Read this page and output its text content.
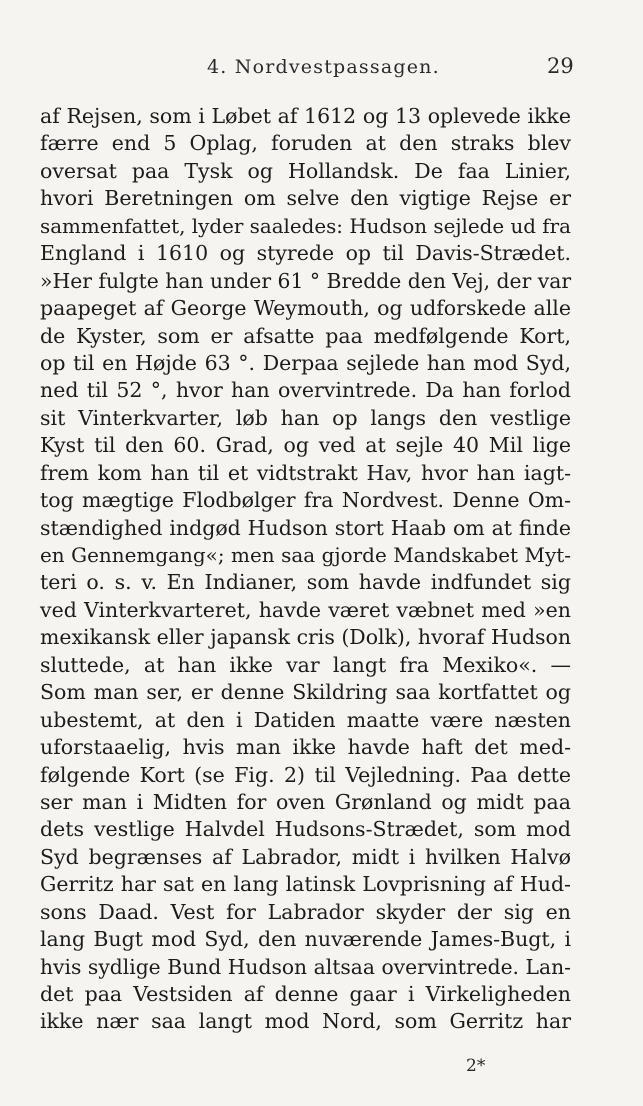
4. Nordvestpassagen.	29
af Rejsen, som i Løbet af 1612 og 13 oplevede ikke
færre end 5 Oplag, foruden at den straks blev
oversat paa Tysk og Hollandsk. De faa Linier,
hvori Beretningen om selve den vigtige Rejse er
sammenfattet, lyder saaledes: Hudson sejlede ud fra
England i 1610 og styrede op til Davis-Strædet.
»Her fulgte han under 61 ° Bredde den Vej, der var
paapeget af George Weymouth, og udforskede alle
de Kyster, som er afsatte paa medfølgende Kort,
op til en Højde 63 °. Derpaa sejlede han mod Syd,
ned til 52 °, hvor han overvintrede. Da han forlod
sit Vinterkvarter, løb han op langs den vestlige
Kyst til den 60. Grad, og ved at sejle 40 Mil lige
frem kom han til et vidtstrakt Hav, hvor han iagt-
tog mægtige Flodbølger fra Nordvest. Denne Om-
stændighed indgød Hudson stort Haab om at finde
en Gennemgang«; men saa gjorde Mandskabet Myt-
teri o. s. v. En Indianer, som havde indfundet sig
ved Vinterkvarteret, havde været væbnet med »en
mexikansk eller japansk cris (Dolk), hvoraf Hudson
sluttede, at han ikke var langt fra Mexiko«. —
Som man ser, er denne Skildring saa kortfattet og
ubestemt, at den i Datiden maatte være næsten
uforstaaelig, hvis man ikke havde haft det med-
følgende Kort (se Fig. 2) til Vejledning. Paa dette
ser man i Midten for oven Grønland og midt paa
dets vestlige Halvdel Hudsons-Strædet, som mod
Syd begrænses af Labrador, midt i hvilken Halvø
Gerritz har sat en lang latinsk Lovprisning af Hud-
sons Daad. Vest for Labrador skyder der sig en
lang Bugt mod Syd, den nuværende James-Bugt, i
hvis sydlige Bund Hudson altsaa overvintrede. Lan-
det paa Vestsiden af denne gaar i Virkeligheden
ikke nær saa langt mod Nord, som Gerritz har
2*
